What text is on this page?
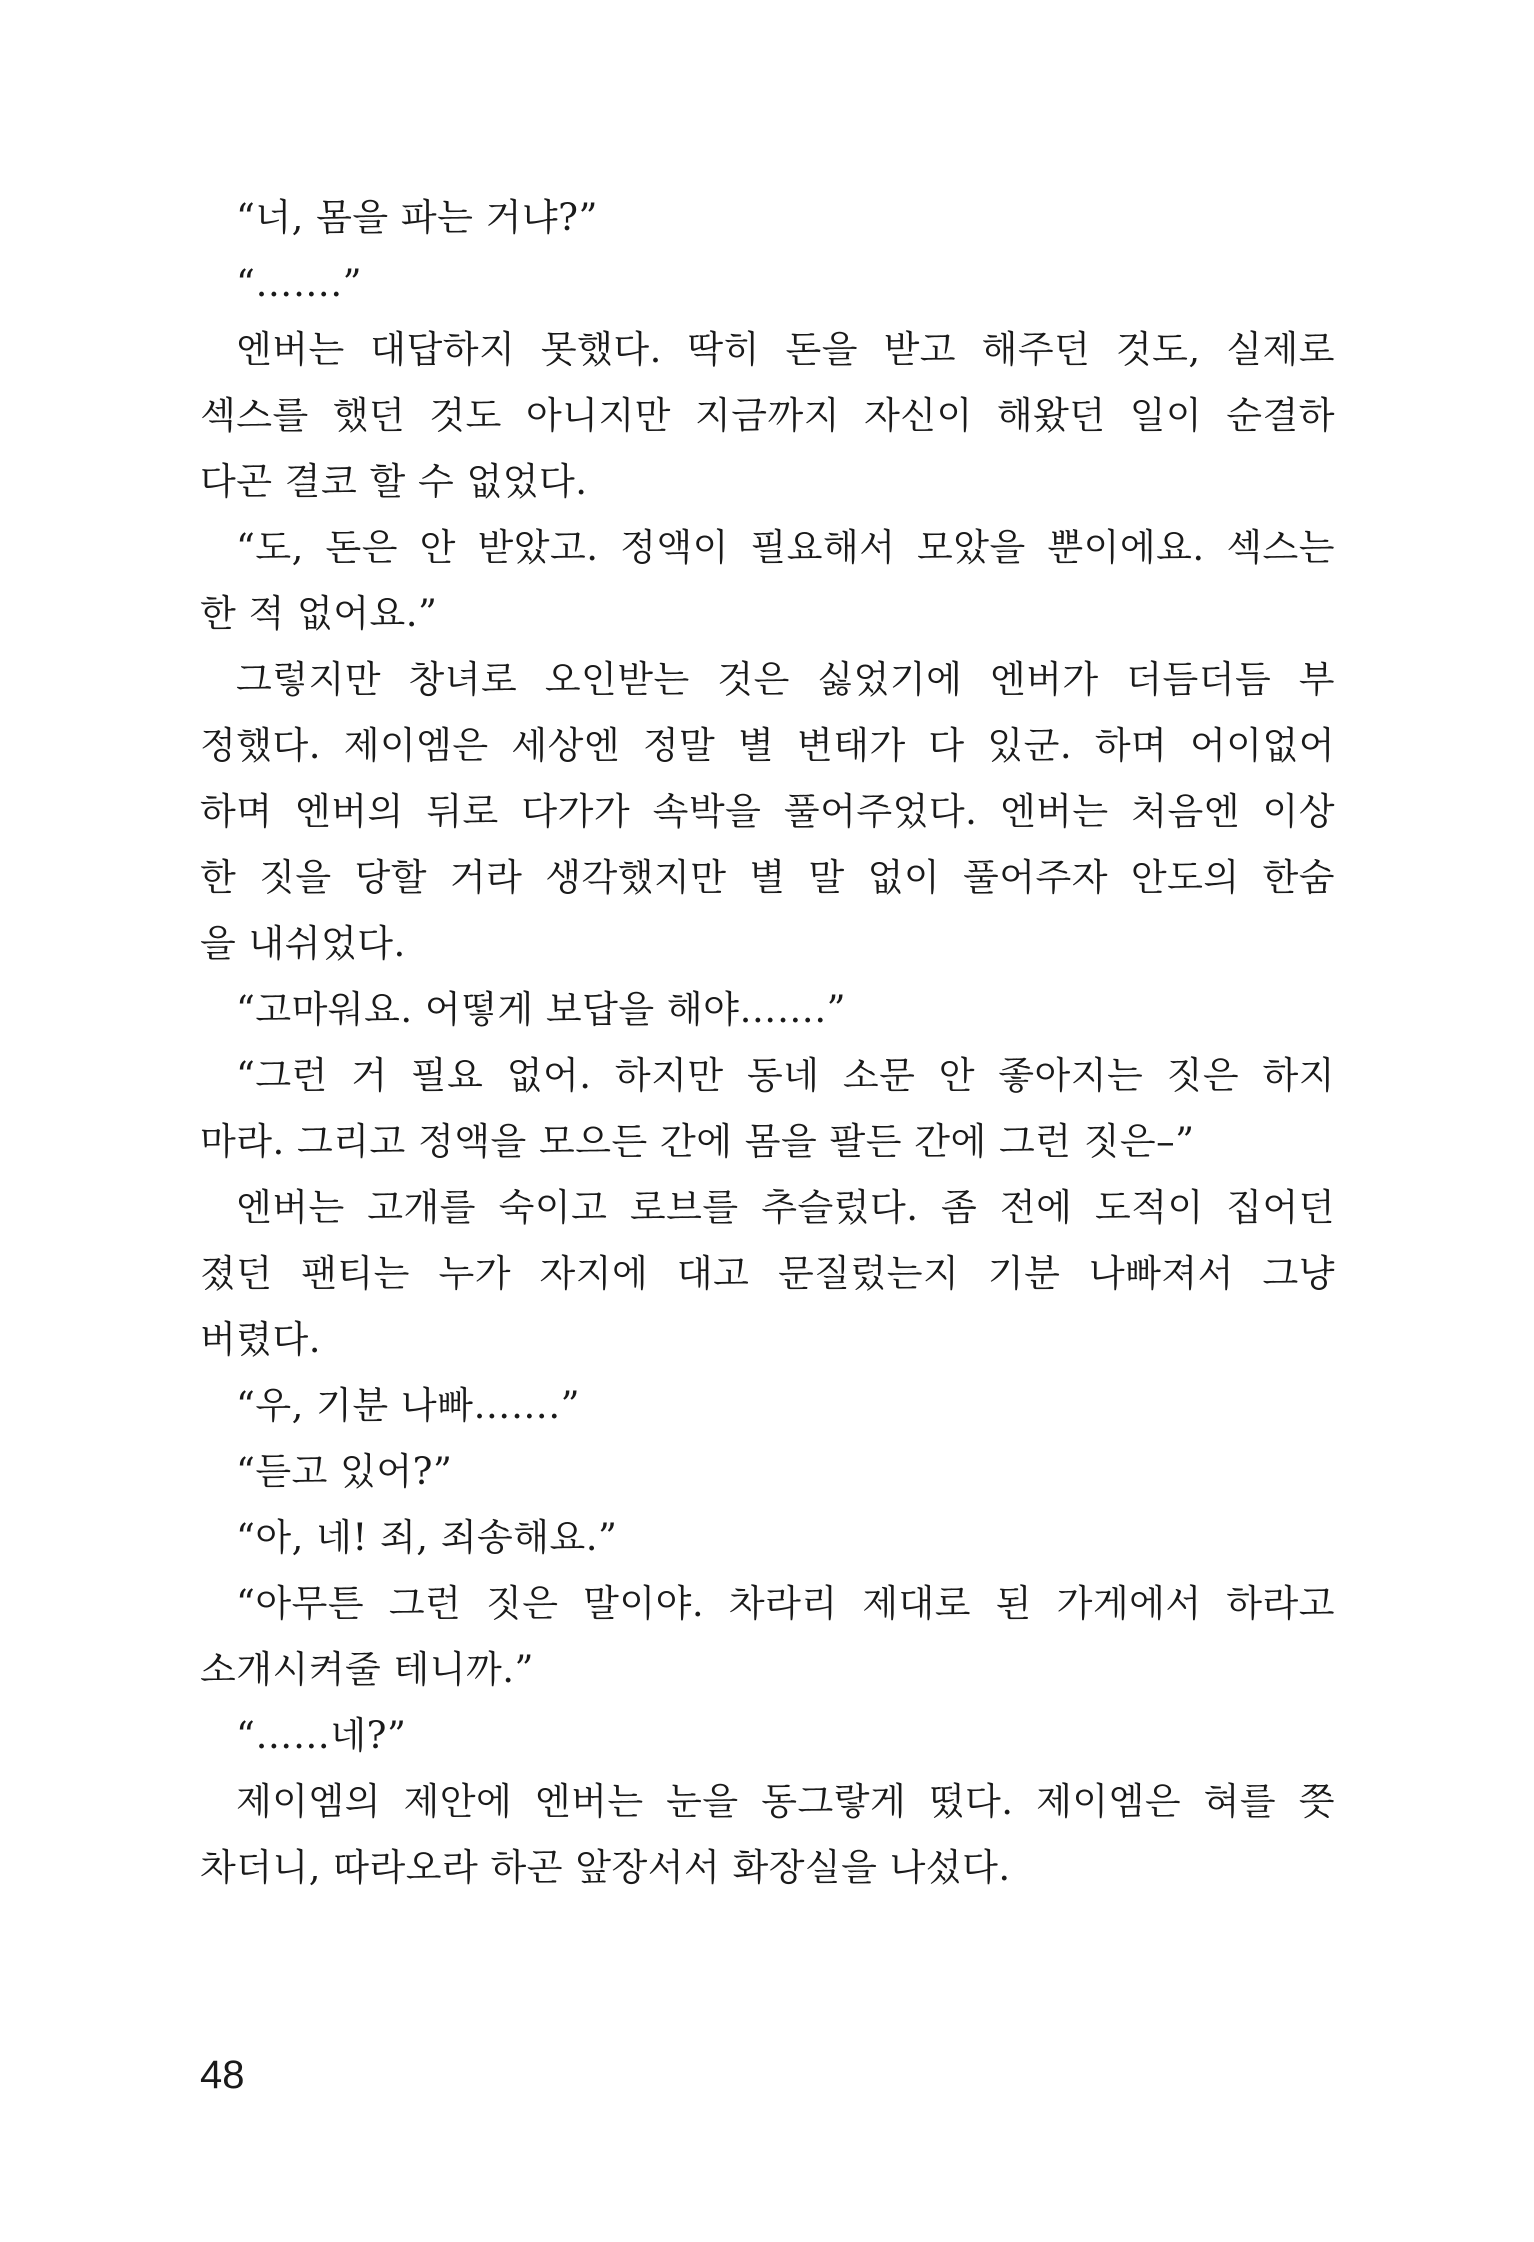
“너, 몸을 파는 거냐?”
“…….”
엔버는 대답하지 못했다. 딱히 돈을 받고 해주던 것도, 실제로
섹스를 했던 것도 아니지만 지금까지 자신이 해왔던 일이 순결하
다곤 결코 할 수 없었다.
“도, 돈은 안 받았고. 정액이 필요해서 모았을 뿐이에요. 섹스는
한 적 없어요.”
그렇지만 창녀로 오인받는 것은 싫었기에 엔버가 더듬더듬 부
정했다. 제이엠은 세상엔 정말 별 변태가 다 있군. 하며 어이없어
하며 엔버의 뒤로 다가가 속박을 풀어주었다. 엔버는 처음엔 이상
한 짓을 당할 거라 생각했지만 별 말 없이 풀어주자 안도의 한숨
을 내쉬었다.
“고마워요. 어떻게 보답을 해야…….”
“그런 거 필요 없어. 하지만 동네 소문 안 좋아지는 짓은 하지
마라. 그리고 정액을 모으든 간에 몸을 팔든 간에 그런 짓은–”
엔버는 고개를 숙이고 로브를 추슬렀다. 좀 전에 도적이 집어던
졌던 팬티는 누가 자지에 대고 문질렀는지 기분 나빠져서 그냥
버렸다.
“우, 기분 나빠…….”
“듣고 있어?”
“아, 네! 죄, 죄송해요.”
“아무튼 그런 짓은 말이야. 차라리 제대로 된 가게에서 하라고
소개시켜줄 테니까.”
“……네?”
제이엠의 제안에 엔버는 눈을 동그랗게 떴다. 제이엠은 혀를 쯧
차더니, 따라오라 하곤 앞장서서 화장실을 나섰다.
48
